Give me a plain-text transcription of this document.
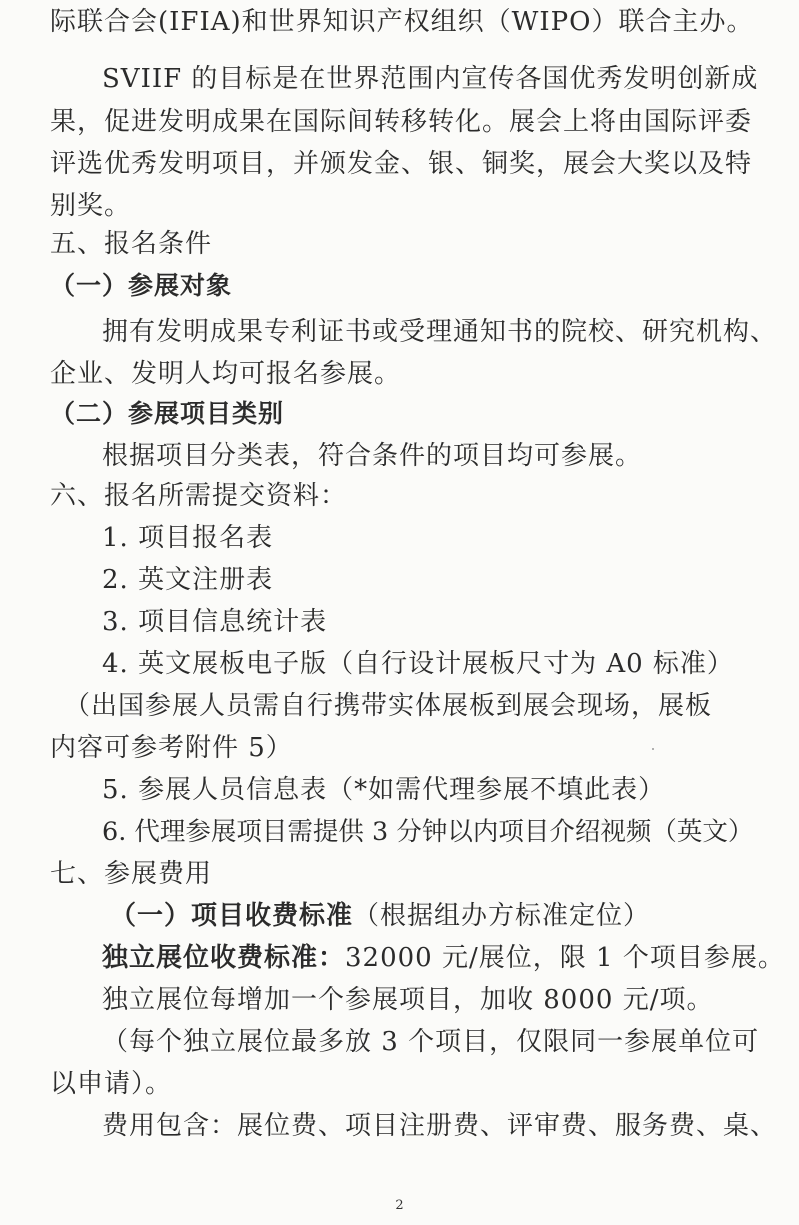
际联合会(IFIA)和世界知识产权组织（WIPO）联合主办。
SVIIF 的目标是在世界范围内宣传各国优秀发明创新成
果，促进发明成果在国际间转移转化。展会上将由国际评委
评选优秀发明项目，并颁发金、银、铜奖，展会大奖以及特
别奖。
五、报名条件
（一）参展对象
拥有发明成果专利证书或受理通知书的院校、研究机构、
企业、发明人均可报名参展。
（二）参展项目类别
根据项目分类表，符合条件的项目均可参展。
六、报名所需提交资料：
1. 项目报名表
2. 英文注册表
3. 项目信息统计表
4. 英文展板电子版（自行设计展板尺寸为 A0 标准）
（出国参展人员需自行携带实体展板到展会现场，展板
内容可参考附件 5）
5. 参展人员信息表（*如需代理参展不填此表）
6. 代理参展项目需提供 3 分钟以内项目介绍视频（英文）
七、参展费用
（一）项目收费标准（根据组办方标准定位）
独立展位收费标准：32000 元/展位，限 1 个项目参展。
独立展位每增加一个参展项目，加收 8000 元/项。
（每个独立展位最多放 3 个项目，仅限同一参展单位可
以申请）。
费用包含：展位费、项目注册费、评审费、服务费、桌、
2
